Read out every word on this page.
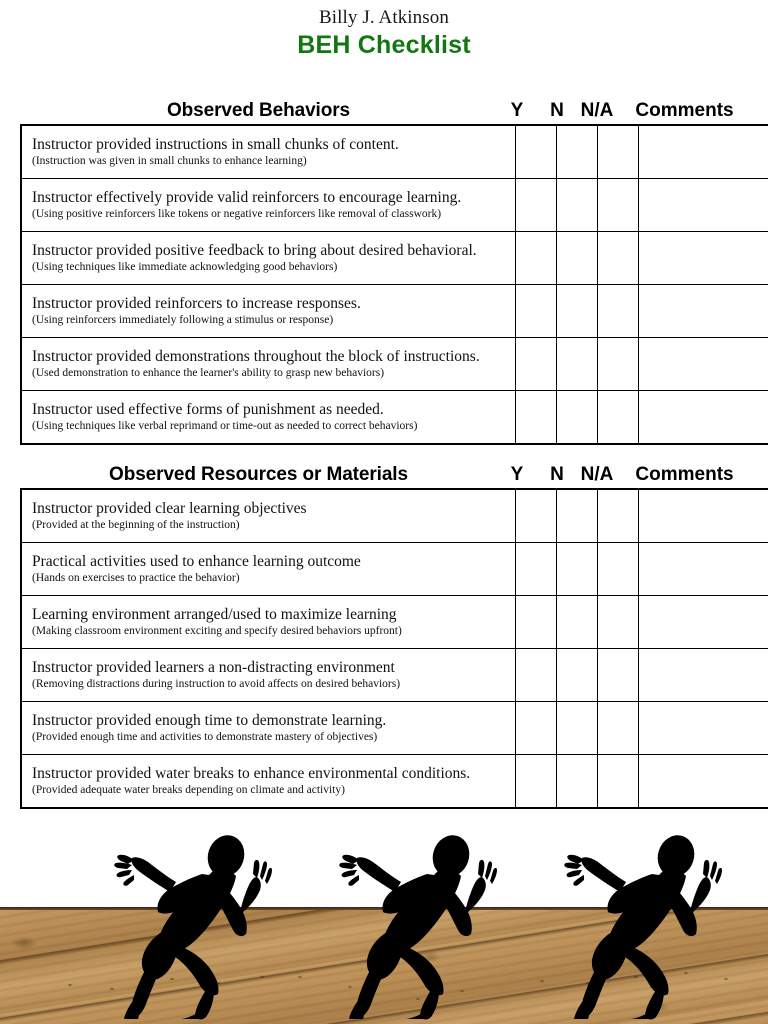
Billy J. Atkinson
BEH Checklist
Observed Behaviors	Y	N N/A	Comments
Instructor provided instructions in small chunks of content.
(Instruction was given in small chunks to enhance learning)				

Instructor effectively provide valid reinforcers to encourage learning.
(Using positive reinforcers like tokens or negative reinforcers like removal of classwork)				

Instructor provided positive feedback to bring about desired behavioral.
(Using techniques like immediate acknowledging good behaviors)				

Instructor provided reinforcers to increase responses.
(Using reinforcers immediately following a stimulus or response)				

Instructor provided demonstrations throughout the block of instructions.
(Used demonstration to enhance the learner's ability to grasp new behaviors)				

Instructor used effective forms of punishment as needed.
(Using techniques like verbal reprimand or time-out as needed to correct behaviors)				

Observed Resources or Materials	Y	N N/A	Comments
Instructor provided clear learning objectives
(Provided at the beginning of the instruction)				

Practical activities used to enhance learning outcome
(Hands on exercises to practice the behavior)				

Learning environment arranged/used to maximize learning
(Making classroom environment exciting and specify desired behaviors upfront)				

Instructor provided learners a non-distracting environment
(Removing distractions during instruction to avoid affects on desired behaviors)				

Instructor provided enough time to demonstrate learning.
(Provided enough time and activities to demonstrate mastery of objectives)				

Instructor provided water breaks to enhance environmental conditions.
(Provided adequate water breaks depending on climate and activity)				
